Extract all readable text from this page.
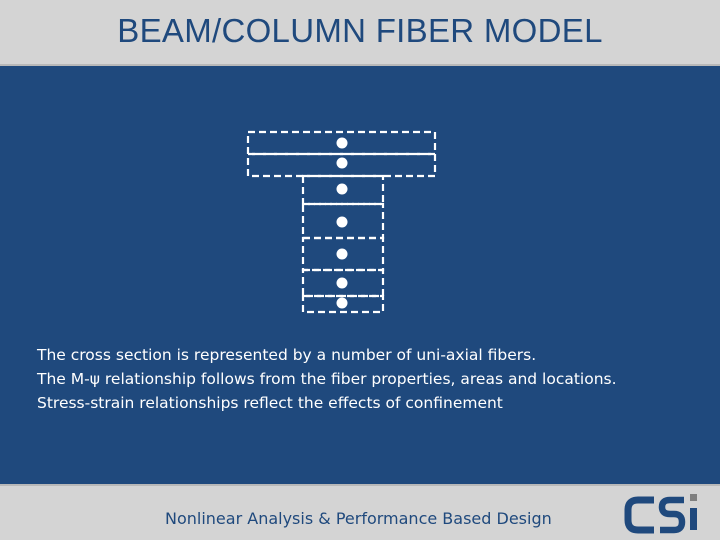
BEAM/COLUMN FIBER MODEL
The cross section is represented by a number of uni-axial fibers.
The M-ψ relationship follows from the fiber properties, areas and locations.
Stress-strain relationships reflect the effects of confinement
Nonlinear Analysis & Performance Based Design
